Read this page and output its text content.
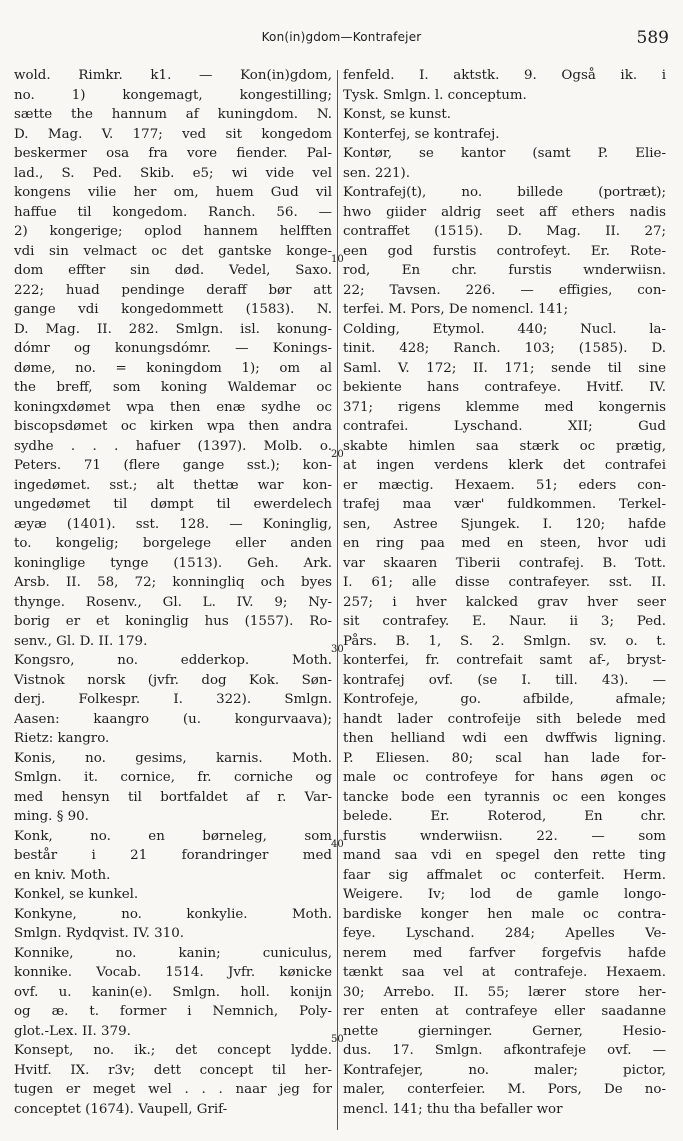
Kon(in)gdom—Kontrafejer	589
wold. Rimkr. k1. — Kon(in)gdom,
no. 1) kongemagt, kongestilling;
sætte the hannum af kuningdom. N.
D. Mag. V. 177; ved sit kongedom
beskermer osa fra vore fiender. Pal-
lad., S. Ped. Skib. e5; wi vide vel
kongens vilie her om, huem Gud vil
haffue til kongedom. Ranch. 56. —
2) kongerige; oplod hannem helfften
vdi sin velmact oc det gantske konge-
dom effter sin død. Vedel, Saxo.
222; huad pendinge deraff bør att
gange vdi kongedommett (1583). N.
D. Mag. II. 282. Smlgn. isl. konung-
dómr og konungsdómr. — Konings-
døme, no. = koningdom 1); om al
the breff, som koning Waldemar oc
koningxdømet wpa then enæ sydhe oc
biscopsdømet oc kirken wpa then andra
sydhe . . . hafuer (1397). Molb. o.
Peters. 71 (flere gange sst.); kon-
ingedømet. sst.; alt thettæ war kon-
ungedømet til dømpt til ewerdelech
æyæ (1401). sst. 128. — Koninglig,
to. kongelig; borgelege eller anden
koninglige tynge (1513). Geh. Ark.
Arsb. II. 58, 72; konningliq och byes
thynge. Rosenv., Gl. L. IV. 9; Ny-
borig er et koninglig hus (1557). Ro-
senv., Gl. D. II. 179.
Kongsro, no. edderkop. Moth.
Vistnok norsk (jvfr. dog Kok. Søn-
derj. Folkespr. I. 322). Smlgn.
Aasen: kaangro (u. kongurvaava);
Rietz: kangro.
Konis, no. gesims, karnis. Moth.
Smlgn. it. cornice, fr. corniche og
med hensyn til bortfaldet af r. Var-
ming. § 90.
Konk, no. en børneleg, som
består i 21 forandringer med
en kniv. Moth.
Konkel, se kunkel.
Konkyne, no. konkylie. Moth.
Smlgn. Rydqvist. IV. 310.
Konnike, no. kanin; cuniculus,
konnike. Vocab. 1514. Jvfr. kønicke
ovf. u. kanin(e). Smlgn. holl. konijn
og æ. t. former i Nemnich, Poly-
glot.-Lex. II. 379.
Konsept, no. ik.; det concept lydde.
Hvitf. IX. r3v; dett concept til her-
tugen er meget wel . . . naar jeg for
conceptet (1674). Vaupell, Grif-
fenfeld. I. aktstk. 9. Også ik. i
Tysk. Smlgn. l. conceptum.
Konst, se kunst.
Konterfej, se kontrafej.
Kontør, se kantor (samt P. Elie-
sen. 221).
Kontrafej(t), no. billede (portræt);
hwo giider aldrig seet aff ethers nadis
contraffet (1515). D. Mag. II. 27;
een god furstis controfeyt. Er. Rote-
rod, En chr. furstis wnderwiisn.
22; Tavsen. 226. — effigies, con-
terfei. M. Pors, De nomencl. 141;
Colding, Etymol. 440; Nucl. la-
tinit. 428; Ranch. 103; (1585). D.
Saml. V. 172; II. 171; sende til sine
bekiente hans contrafeye. Hvitf. IV.
371; rigens klemme med kongernis
contrafei. Lyschand. XII; Gud
skabte himlen saa stærk oc prætig,
at ingen verdens klerk det contrafei
er mæctig. Hexaem. 51; eders con-
trafej maa vær' fuldkommen. Terkel-
sen, Astree Sjungek. I. 120; hafde
en ring paa med en steen, hvor udi
var skaaren Tiberii contrafej. B. Tott.
I. 61; alle disse contrafeyer. sst. II.
257; i hver kalcked grav hver seer
sit contrafey. E. Naur. ii 3; Ped.
Pårs. B. 1, S. 2. Smlgn. sv. o. t.
konterfei, fr. contrefait samt af-, bryst-
kontrafej ovf. (se I. till. 43). —
Kontrofeje, go. afbilde, afmale;
handt lader controfeije sith belede med
then helliand wdi een dwffwis ligning.
P. Eliesen. 80; scal han lade for-
male oc controfeye for hans øgen oc
tancke bode een tyrannis oc een konges
belede. Er. Roterod, En chr.
furstis wnderwiisn. 22. — som
mand saa vdi en spegel den rette ting
faar sig affmalet oc conterfeit. Herm.
Weigere. Iv; lod de gamle longo-
bardiske konger hen male oc contra-
feye. Lyschand. 284; Apelles Ve-
nerem med farfver forgefvis hafde
tænkt saa vel at contrafeje. Hexaem.
30; Arrebo. II. 55; lærer store her-
rer enten at contrafeye eller saadanne
nette gierninger. Gerner, Hesio-
dus. 17. Smlgn. afkontrafeje ovf. —
Kontrafejer, no. maler; pictor,
maler, conterfeier. M. Pors, De no-
mencl. 141; thu tha befaller wor
10
20
30
40
50
